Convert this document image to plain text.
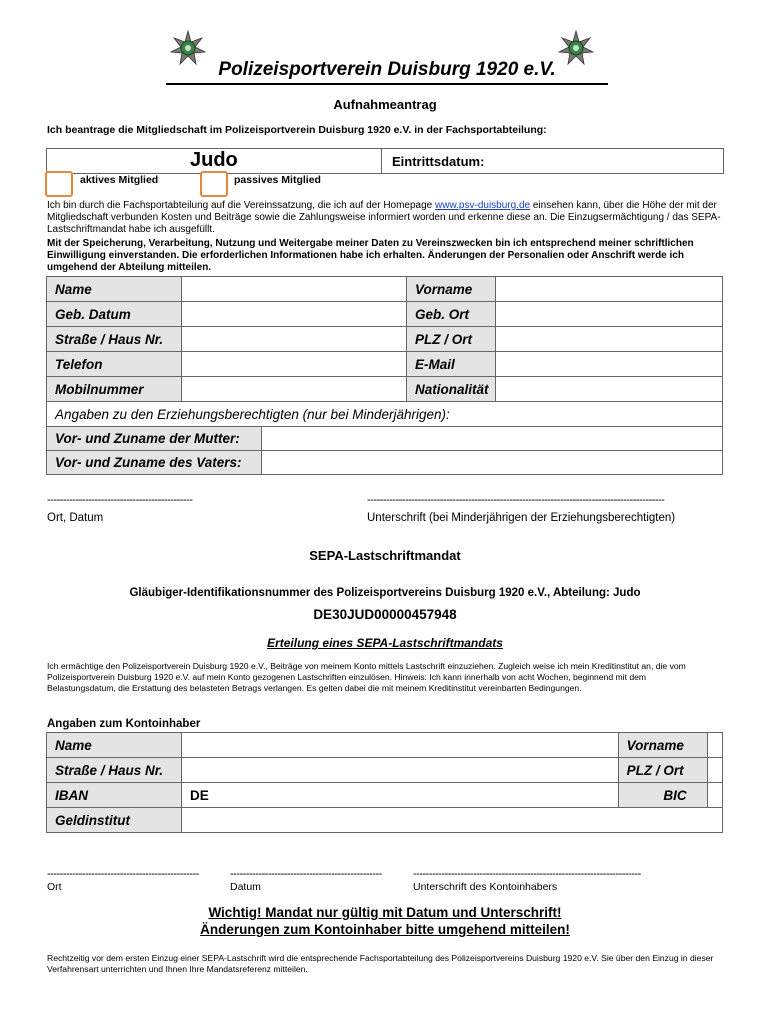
Polizeisportverein Duisburg 1920 e.V.
Aufnahmeantrag
Ich beantrage die Mitgliedschaft im Polizeisportverein Duisburg 1920 e.V. in der Fachsportabteilung:
Judo	Eintrittsdatum:
aktives Mitglied	passives Mitglied
Ich bin durch die Fachsportabteilung auf die Vereinssatzung, die ich auf der Homepage www.psv-duisburg.de einsehen kann, über die Höhe der mit der Mitgliedschaft verbunden Kosten und Beiträge sowie die Zahlungsweise informiert worden und erkenne diese an. Die Einzugsermächtigung / das SEPA-Lastschriftmandat habe ich ausgefüllt.
Mit der Speicherung, Verarbeitung, Nutzung und Weitergabe meiner Daten zu Vereinszwecken bin ich entsprechend meiner schriftlichen Einwilligung einverstanden. Die erforderlichen Informationen habe ich erhalten. Änderungen der Personalien oder Anschrift werde ich umgehend der Abteilung mitteilen.
Name		Vorname	
Geb. Datum		Geb. Ort	
Straße / Haus Nr.		PLZ / Ort	
Telefon		E-Mail	
Mobilnummer		Nationalität	
Angaben zu den Erziehungsberechtigten (nur bei Minderjährigen):			
Vor- und Zuname der Mutter:	
Vor- und Zuname des Vaters:	
----------------------------------------------	----------------------------------------------------------------------------------------------
Ort, Datum	Unterschrift (bei Minderjährigen der Erziehungsberechtigten)
SEPA-Lastschriftmandat
Gläubiger-Identifikationsnummer des Polizeisportvereins Duisburg 1920 e.V., Abteilung: Judo
DE30JUD00000457948
Erteilung eines SEPA-Lastschriftmandats
Ich ermächtige den Polizeisportverein Duisburg 1920 e.V., Beiträge von meinem Konto mittels Lastschrift einzuziehen. Zugleich weise ich mein Kreditinstitut an, die vom Polizeisportverein Duisburg 1920 e.V. auf mein Konto gezogenen Lastschriften einzulösen. Hinweis: Ich kann innerhalb von acht Wochen, beginnend mit dem Belastungsdatum, die Erstattung des belasteten Betrags verlangen. Es gelten dabei die mit meinem Kreditinstitut vereinbarten Bedingungen.
Angaben zum Kontoinhaber
Name		Vorname	
Straße / Haus Nr.		PLZ / Ort	
IBAN	DE	BIC	
Geldinstitut			
------------------------------------------------	------------------------------------------------	------------------------------------------------------------------------
Ort	Datum	Unterschrift des Kontoinhabers
Wichtig! Mandat nur gültig mit Datum und Unterschrift!
Änderungen zum Kontoinhaber bitte umgehend mitteilen!
Rechtzeitig vor dem ersten Einzug einer SEPA-Lastschrift wird die entsprechende Fachsportabteilung des Polizeisportvereins Duisburg 1920 e.V. Sie über den Einzug in dieser Verfahrensart unterrichten und Ihnen Ihre Mandatsreferenz mitteilen.
